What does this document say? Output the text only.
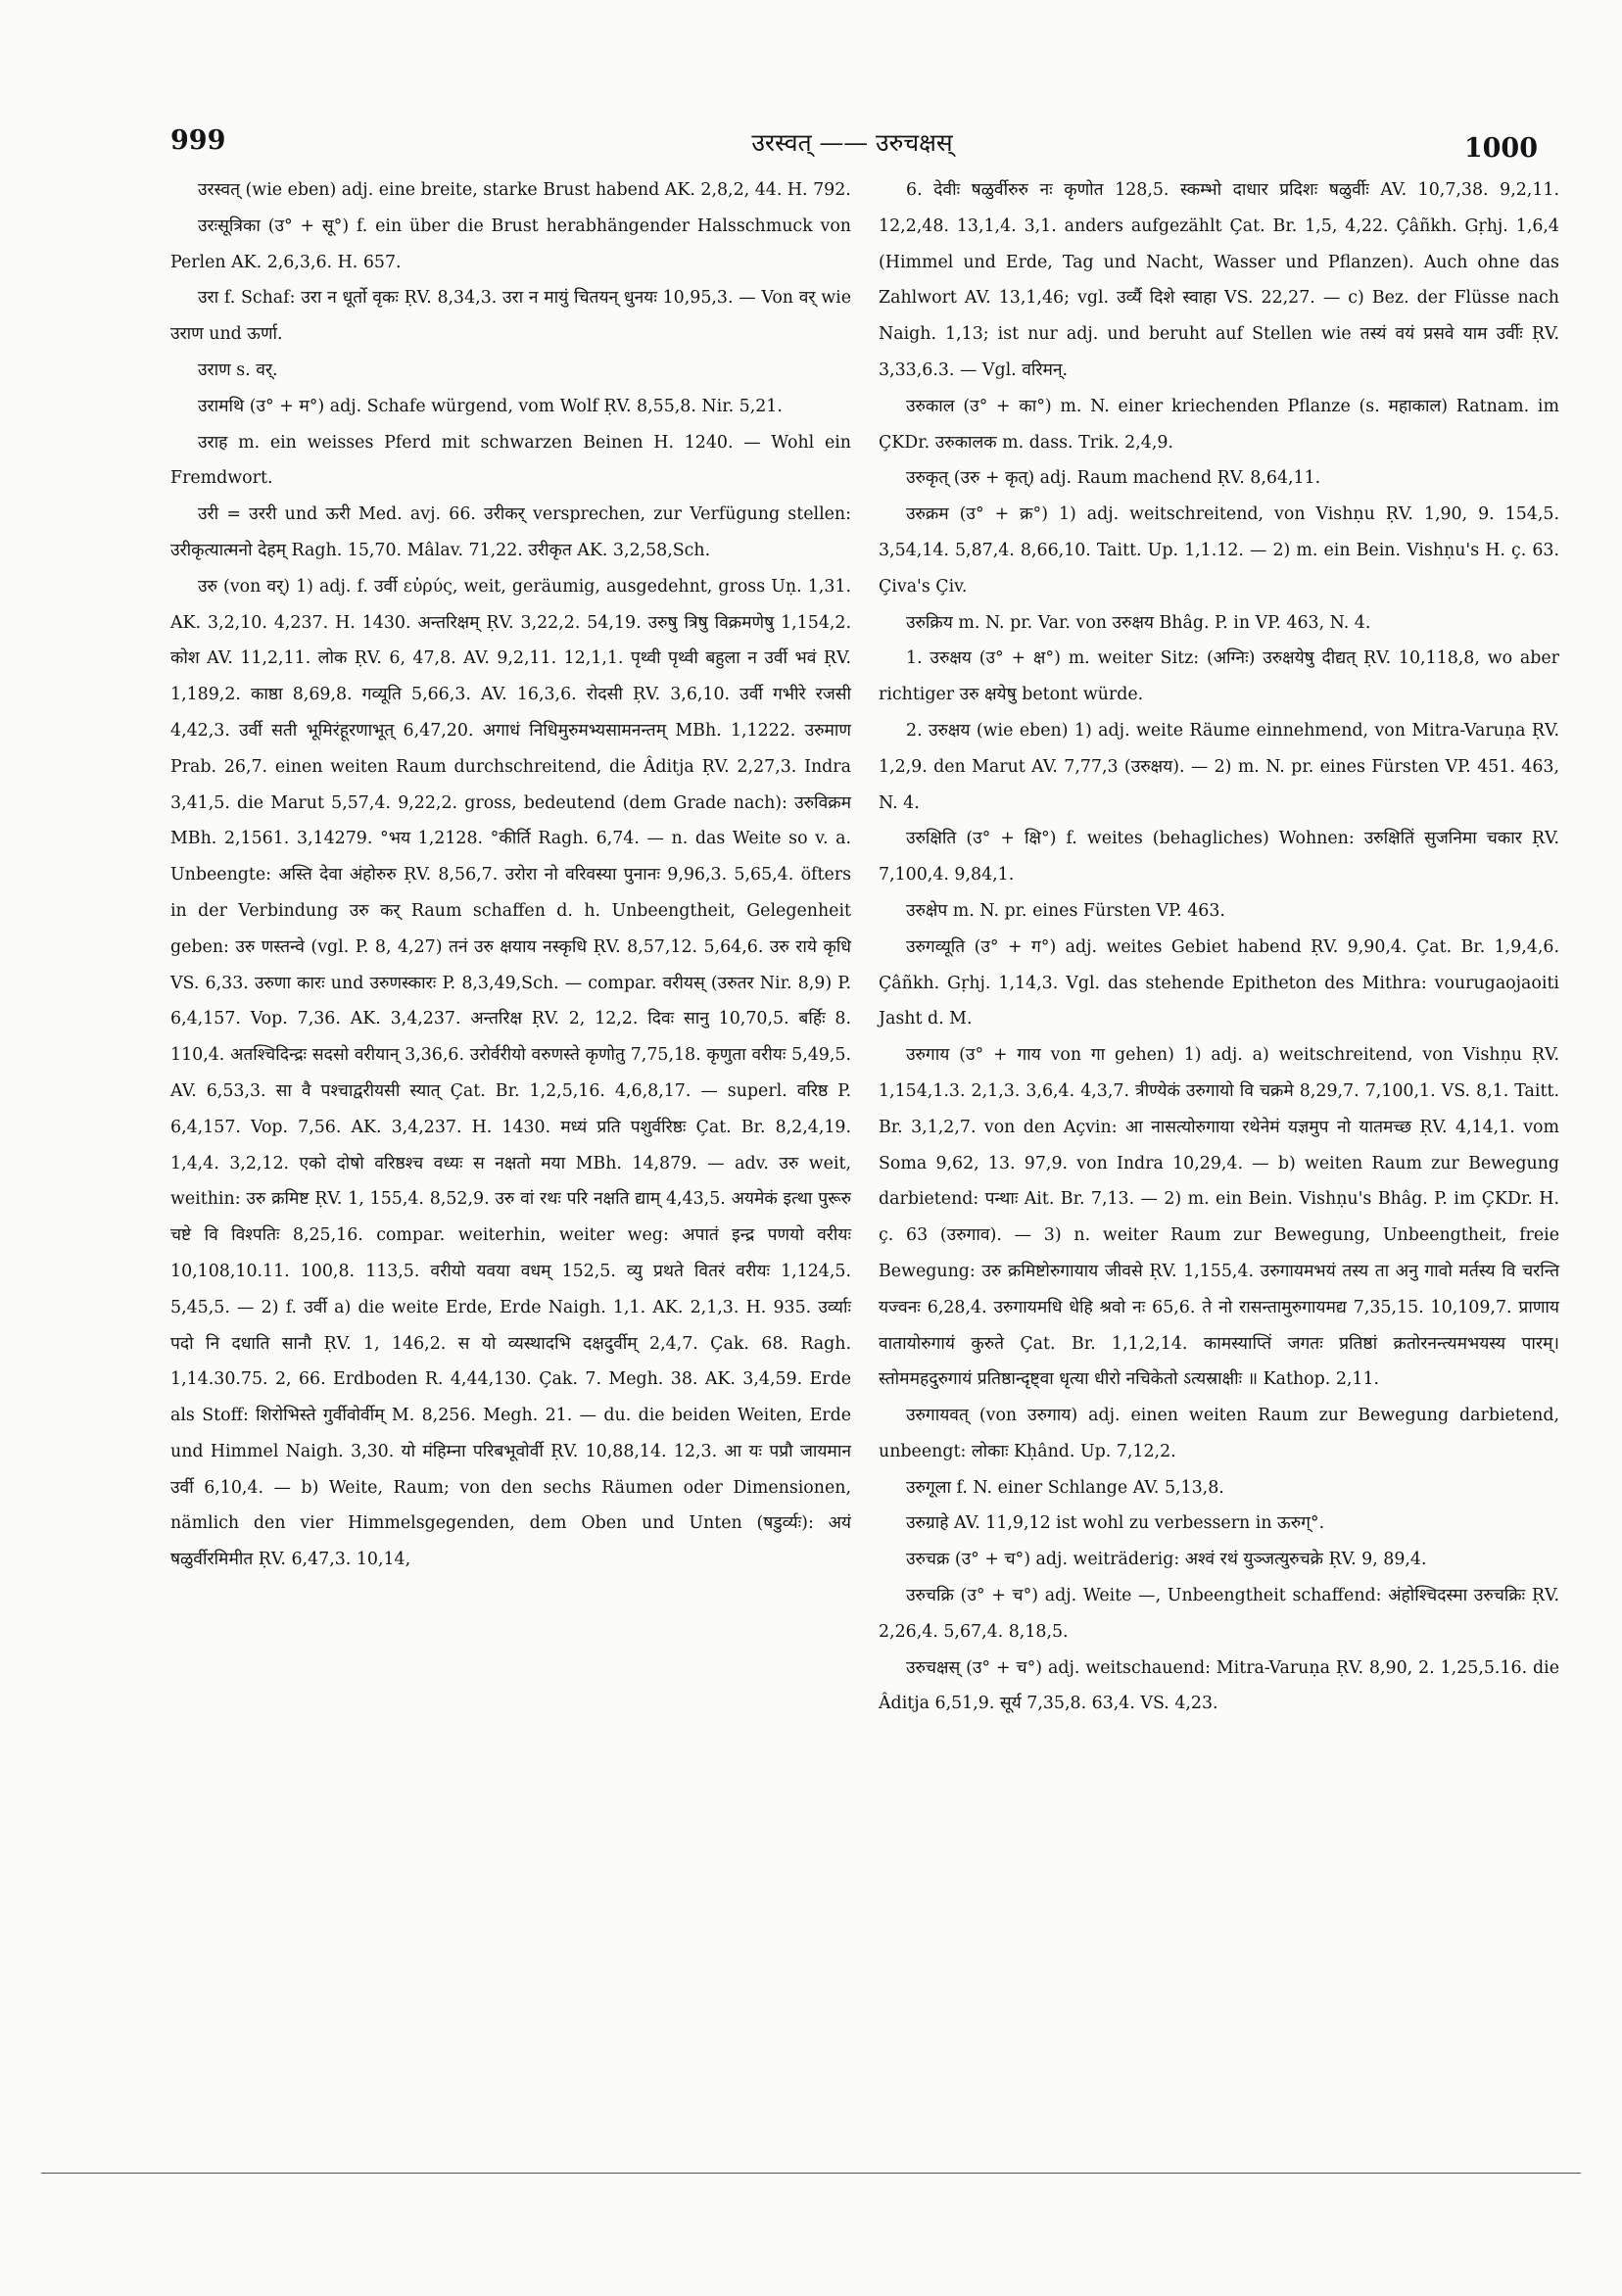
999	उरस्वत् —— उरुचक्षस्	1000

उरस्वत् (wie eben) adj. eine breite, starke Brust habend AK. 2,8,2, 44. H. 792.

उरःसूत्रिका (उ° + सू°) f. ein über die Brust herabhängender Halsschmuck von Perlen AK. 2,6,3,6. H. 657.

उरा f. Schaf: उरा न धूर्तो वृकः ṚV. 8,34,3. उरा न मायुं चितयन् धुनयः 10,95,3. — Von वर् wie उराण und ऊर्णा.

उराण s. वर्.

उरामथि (उ° + म°) adj. Schafe würgend, vom Wolf ṚV. 8,55,8. Nir. 5,21.

उराह m. ein weisses Pferd mit schwarzen Beinen H. 1240. — Wohl ein Fremdwort.

उरी = उररी und ऊरी Med. avj. 66. उरीकर् versprechen, zur Verfügung stellen: उरीकृत्यात्मनो देहम् Ragh. 15,70. Mâlav. 71,22. उरीकृत AK. 3,2,58,Sch.

उरु (von वर्) 1) adj. f. उर्वी εὐρύς, weit, geräumig, ausgedehnt, gross Uṇ. 1,31. AK. 3,2,10. 4,237. H. 1430. अन्तरिक्षम् ṚV. 3,22,2. 54,19. उरुषु त्रिषु विक्रमणेषु 1,154,2. कोश AV. 11,2,11. लोक ṚV. 6, 47,8. AV. 9,2,11. 12,1,1. पृथ्वी पृथ्वी बहुला न उर्वी भवं ṚV. 1,189,2. काष्ठा 8,69,8. गव्यूति 5,66,3. AV. 16,3,6. रोदसी ṚV. 3,6,10. उर्वी गभीरे रजसी 4,42,3. उर्वी सती भूमिरंहूरणाभूत् 6,47,20. अगाधं निधिमुरुमभ्यसामनन्तम् MBh. 1,1222. उरुमाण Prab. 26,7. einen weiten Raum durchschreitend, die Âditja ṚV. 2,27,3. Indra 3,41,5. die Marut 5,57,4. 9,22,2. gross, bedeutend (dem Grade nach): उरुविक्रम MBh. 2,1561. 3,14279. °भय 1,2128. °कीर्ति Ragh. 6,74. — n. das Weite so v. a. Unbeengte: अस्ति देवा अंहोरुरु ṚV. 8,56,7. उरोरा नो वरिवस्या पुनानः 9,96,3. 5,65,4. öfters in der Verbindung उरु कर् Raum schaffen d. h. Unbeengtheit, Gelegenheit geben: उरु णस्तन्वे (vgl. P. 8, 4,27) तनं उरु क्षयाय नस्कृधि ṚV. 8,57,12. 5,64,6. उरु राये कृधि VS. 6,33. उरुणा कारः und उरुणस्कारः P. 8,3,49,Sch. — compar. वरीयस् (उरुतर Nir. 8,9) P. 6,4,157. Vop. 7,36. AK. 3,4,237. अन्तरिक्ष ṚV. 2, 12,2. दिवः सानु 10,70,5. बर्हिः 8. 110,4. अतश्चिदिन्द्रः सदसो वरीयान् 3,36,6. उरोर्वरीयो वरुणस्ते कृणोतु 7,75,18. कृणुता वरीयः 5,49,5. AV. 6,53,3. सा वै पश्चाद्वरीयसी स्यात् Çat. Br. 1,2,5,16. 4,6,8,17. — superl. वरिष्ठ P. 6,4,157. Vop. 7,56. AK. 3,4,237. H. 1430. मध्यं प्रति पशुर्वरिष्ठः Çat. Br. 8,2,4,19. 1,4,4. 3,2,12. एको दोषो वरिष्ठश्च वध्यः स नक्षतो मया MBh. 14,879. — adv. उरु weit, weithin: उरु क्रमिष्ट ṚV. 1, 155,4. 8,52,9. उरु वां रथः परि नक्षति द्याम् 4,43,5. अयमेकं इत्था पुरूरु चष्टे वि विश्पतिः 8,25,16. compar. weiterhin, weiter weg: अपातं इन्द्र पणयो वरीयः 10,108,10.11. 100,8. 113,5. वरीयो यवया वधम् 152,5. व्यु प्रथते वितरं वरीयः 1,124,5. 5,45,5. — 2) f. उर्वी a) die weite Erde, Erde Naigh. 1,1. AK. 2,1,3. H. 935. उर्व्याः पदो नि दधाति सानौ ṚV. 1, 146,2. स यो व्यस्थादभि दक्षदुर्वीम् 2,4,7. Çak. 68. Ragh. 1,14.30.75. 2, 66. Erdboden R. 4,44,130. Çak. 7. Megh. 38. AK. 3,4,59. Erde als Stoff: शिरोभिस्ते गुर्वीवोर्वीम् M. 8,256. Megh. 21. — du. die beiden Weiten, Erde und Himmel Naigh. 3,30. यो मंहिम्ना परिबभूवोर्वी ṚV. 10,88,14. 12,3. आ यः पप्रौ जायमान उर्वी 6,10,4. — b) Weite, Raum; von den sechs Räumen oder Dimensionen, nämlich den vier Himmelsgegenden, dem Oben und Unten (षडुर्व्यः): अयं षळुर्वीरमिमीत ṚV. 6,47,3. 10,14,

6. देवीः षळुर्वीरुरु नः कृणोत 128,5. स्कम्भो दाधार प्रदिशः षळुर्वीः AV. 10,7,38. 9,2,11. 12,2,48. 13,1,4. 3,1. anders aufgezählt Çat. Br. 1,5, 4,22. Çâñkh. Gṛhj. 1,6,4 (Himmel und Erde, Tag und Nacht, Wasser und Pflanzen). Auch ohne das Zahlwort AV. 13,1,46; vgl. उर्व्यै दिशे स्वाहा VS. 22,27. — c) Bez. der Flüsse nach Naigh. 1,13; ist nur adj. und beruht auf Stellen wie तस्यं वयं प्रसवे याम उर्वीः ṚV. 3,33,6.3. — Vgl. वरिमन्.

उरुकाल (उ° + का°) m. N. einer kriechenden Pflanze (s. महाकाल) Ratnam. im ÇKDr. उरुकालक m. dass. Trik. 2,4,9.

उरुकृत् (उरु + कृत्) adj. Raum machend ṚV. 8,64,11.

उरुक्रम (उ° + क्र°) 1) adj. weitschreitend, von Vishṇu ṚV. 1,90, 9. 154,5. 3,54,14. 5,87,4. 8,66,10. Taitt. Up. 1,1.12. — 2) m. ein Bein. Vishṇu's H. ç. 63. Çiva's Çiv.

उरुक्रिय m. N. pr. Var. von उरुक्षय Bhâg. P. in VP. 463, N. 4.

1. उरुक्षय (उ° + क्ष°) m. weiter Sitz: (अग्निः) उरुक्षयेषु दीद्यत् ṚV. 10,118,8, wo aber richtiger उरु क्षयेषु betont würde.

2. उरुक्षय (wie eben) 1) adj. weite Räume einnehmend, von Mitra-Varuṇa ṚV. 1,2,9. den Marut AV. 7,77,3 (उरुक्षय). — 2) m. N. pr. eines Fürsten VP. 451. 463, N. 4.

उरुक्षिति (उ° + क्षि°) f. weites (behagliches) Wohnen: उरुक्षितिं सुजनिमा चकार ṚV. 7,100,4. 9,84,1.

उरुक्षेप m. N. pr. eines Fürsten VP. 463.

उरुगव्यूति (उ° + ग°) adj. weites Gebiet habend ṚV. 9,90,4. Çat. Br. 1,9,4,6. Çâñkh. Gṛhj. 1,14,3. Vgl. das stehende Epitheton des Mithra: vourugaojaoiti Jasht d. M.

उरुगाय (उ° + गाय von गा gehen) 1) adj. a) weitschreitend, von Vishṇu ṚV. 1,154,1.3. 2,1,3. 3,6,4. 4,3,7. त्रीण्येकं उरुगायो वि चक्रमे 8,29,7. 7,100,1. VS. 8,1. Taitt. Br. 3,1,2,7. von den Açvin: आ नासत्योरुगाया रथेनेमं यज्ञमुप नो यातमच्छ ṚV. 4,14,1. vom Soma 9,62, 13. 97,9. von Indra 10,29,4. — b) weiten Raum zur Bewegung darbietend: पन्थाः Ait. Br. 7,13. — 2) m. ein Bein. Vishṇu's Bhâg. P. im ÇKDr. H. ç. 63 (उरुगाव). — 3) n. weiter Raum zur Bewegung, Unbeengtheit, freie Bewegung: उरु क्रमिष्टोरुगायाय जीवसे ṚV. 1,155,4. उरुगायमभयं तस्य ता अनु गावो मर्तस्य वि चरन्ति यज्वनः 6,28,4. उरुगायमधि धेहि श्रवो नः 65,6. ते नो रासन्तामुरुगायमद्य 7,35,15. 10,109,7. प्राणाय वातायोरुगायं कुरुते Çat. Br. 1,1,2,14. कामस्याप्तिं जगतः प्रतिष्ठां क्रतोरनन्त्यमभयस्य पारम्। स्तोममहदुरुगायं प्रतिष्ठान्दृष्ट्वा धृत्या धीरो नचिकेतो ऽत्यस्राक्षीः ॥ Kathop. 2,11.

उरुगायवत् (von उरुगाय) adj. einen weiten Raum zur Bewegung darbietend, unbeengt: लोकाः Kḥând. Up. 7,12,2.

उरुगूला f. N. einer Schlange AV. 5,13,8.

उरुग्राहे AV. 11,9,12 ist wohl zu verbessern in ऊरुग्°.

उरुचक्र (उ° + च°) adj. weiträderig: अश्वं रथं युञ्जत्युरुचक्रे ṚV. 9, 89,4.

उरुचक्रि (उ° + च°) adj. Weite —, Unbeengtheit schaffend: अंहोश्चिदस्मा उरुचक्रिः ṚV. 2,26,4. 5,67,4. 8,18,5.

उरुचक्षस् (उ° + च°) adj. weitschauend: Mitra-Varuṇa ṚV. 8,90, 2. 1,25,5.16. die Âditja 6,51,9. सूर्य 7,35,8. 63,4. VS. 4,23.
